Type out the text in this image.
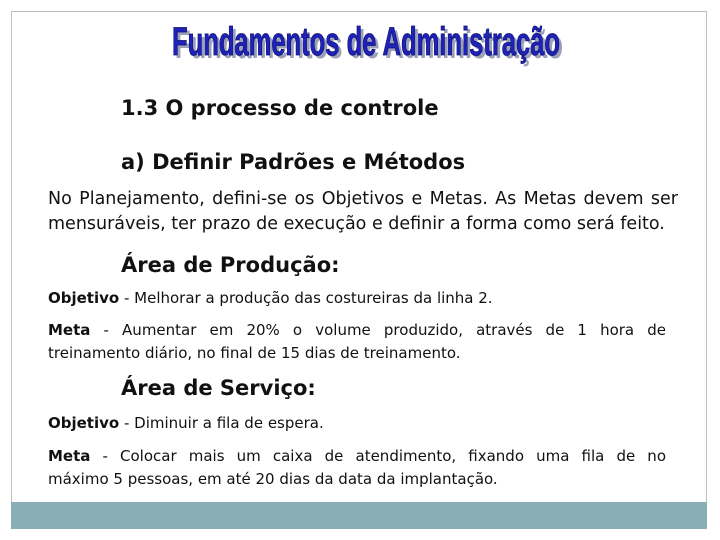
Fundamentos de Administração
Fundamentos de Administração
1.3 O processo de controle
a) Definir Padrões e Métodos
No Planejamento, defini-se os Objetivos e Metas. As Metas devem ser
mensuráveis, ter prazo de execução e definir a forma como será feito.
Área de Produção:
Objetivo - Melhorar a produção das costureiras da linha 2.
Meta - Aumentar em 20% o volume produzido, através de 1 hora de
treinamento diário, no final de 15 dias de treinamento.
Área de Serviço:
Objetivo - Diminuir a fila de espera.
Meta - Colocar mais um caixa de atendimento, fixando uma fila de no
máximo 5 pessoas, em até 20 dias da data da implantação.
